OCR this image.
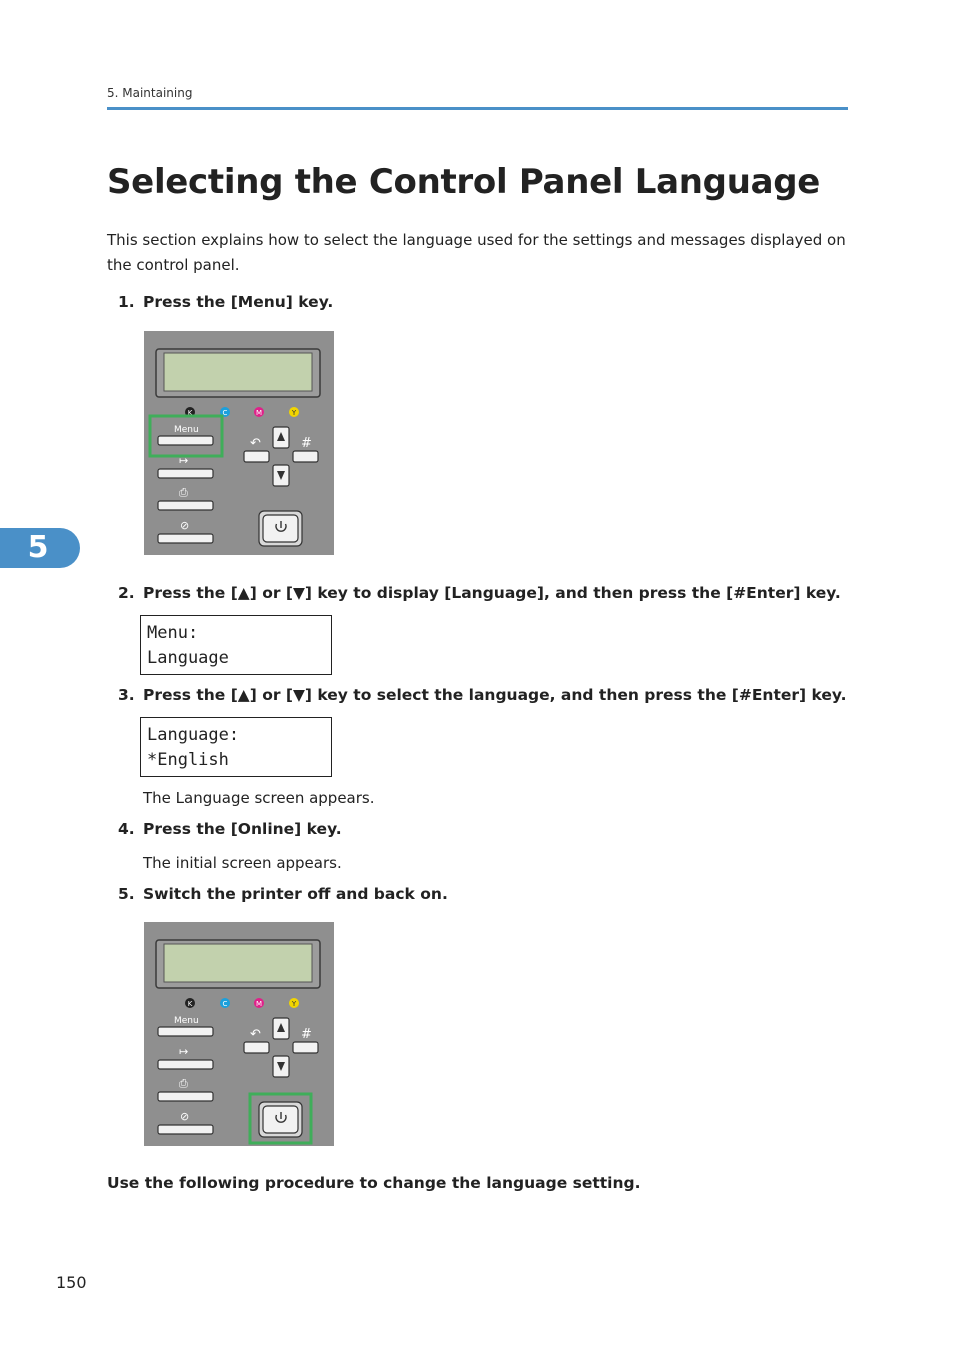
5. Maintaining
Selecting the Control Panel Language
This section explains how to select the language used for the settings and messages displayed on the control panel.
1. Press the [Menu] key.
K	C	M	Y
Menu
↦
⎙
⊘
↶	#
2. Press the [▲] or [▼] key to display [Language], and then press the [#Enter] key.
Menu:
Language
3. Press the [▲] or [▼] key to select the language, and then press the [#Enter] key.
Language:
*English
The Language screen appears.
4. Press the [Online] key.
The initial screen appears.
5. Switch the printer off and back on.
K	C	M	Y
Menu
↦
⎙
⊘
↶	#
Use the following procedure to change the language setting.
5
150
